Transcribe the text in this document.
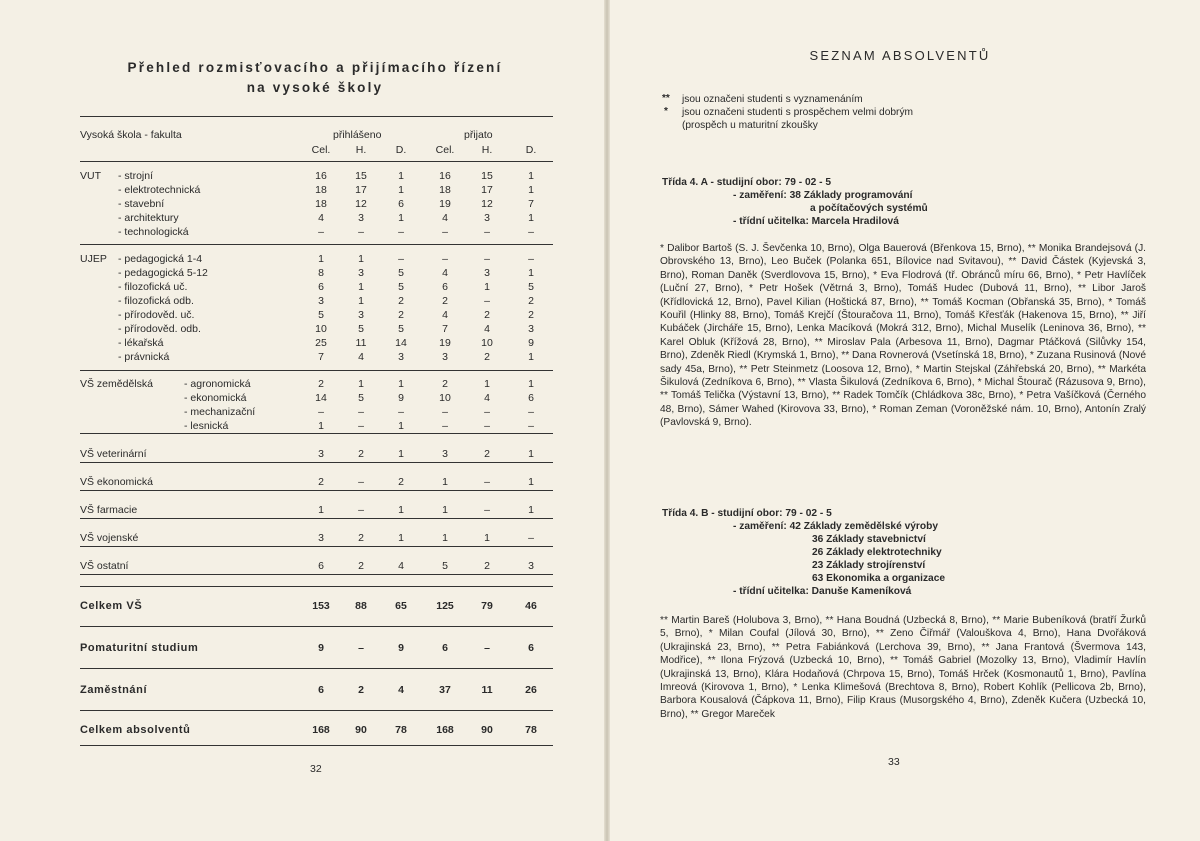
Přehled rozmisťovacího a přijímacího řízení
na vysoké školy
Vysoká škola - fakulta	přihlášeno	přijato
Cel.	H.	D.	Cel.	H.	D.
VUT - strojní	16	15	1	16	15	1
- elektrotechnická	18	17	1	18	17	1
- stavební	18	12	6	19	12	7
- architektury	4	3	1	4	3	1
- technologická	–	–	–	–	–	–
UJEP - pedagogická 1-4	1	1	–	–	–	–
- pedagogická 5-12	8	3	5	4	3	1
- filozofická uč.	6	1	5	6	1	5
- filozofická odb.	3	1	2	2	–	2
- přírodověd. uč.	5	3	2	4	2	2
- přírodověd. odb.	10	5	5	7	4	3
- lékařská	25	11	14	19	10	9
- právnická	7	4	3	3	2	1
VŠ zemědělská	- agronomická	2	1	1	2	1	1
- ekonomická	14	5	9	10	4	6
- mechanizační	–	–	–	–	–	–
- lesnická	1	–	1	–	–	–
VŠ veterinární	3	2	1	3	2	1
VŠ ekonomická	2	–	2	1	–	1
VŠ farmacie	1	–	1	1	–	1
VŠ vojenské	3	2	1	1	1	–
VŠ ostatní	6	2	4	5	2	3
Celkem VŠ	153	88	65	125	79	46
Pomaturitní studium	9	–	9	6	–	6
Zaměstnání	6	2	4	37	11	26
Celkem absolventů	168	90	78	168	90	78
32
SEZNAM ABSOLVENTŮ
** jsou označeni studenti s vyznamenáním
* jsou označeni studenti s prospěchem velmi dobrým
(prospěch u maturitní zkoušky
Třída 4. A - studijní obor: 79 - 02 - 5
- zaměření: 38 Základy programování
a počítačových systémů
- třídní učitelka: Marcela Hradilová
* Dalibor Bartoš (S. J. Ševčenka 10, Brno), Olga Bauerová (Břenkova 15, Brno), ** Monika Brandejsová (J. Obrovského 13, Brno), Leo Buček (Polanka 651, Bílovice nad Svitavou), ** David Částek (Kyjevská 3, Brno), Roman Daněk (Sverdlovova 15, Brno), * Eva Flodrová (tř. Obránců míru 66, Brno), * Petr Havlíček (Luční 27, Brno), * Petr Hošek (Větrná 3, Brno), Tomáš Hudec (Dubová 11, Brno), ** Libor Jaroš (Křídlovická 12, Brno), Pavel Kilian (Hoštická 87, Brno), ** Tomáš Kocman (Obřanská 35, Brno), * Tomáš Kouřil (Hlinky 88, Brno), Tomáš Krejčí (Štouračova 11, Brno), Tomáš Křesťák (Hakenova 15, Brno), ** Jiří Kubáček (Jircháře 15, Brno), Lenka Macíková (Mokrá 312, Brno), Michal Muselík (Leninova 36, Brno), ** Karel Obluk (Křížová 28, Brno), ** Miroslav Pala (Arbesova 11, Brno), Dagmar Ptáčková (Silůvky 154, Brno), Zdeněk Riedl (Krymská 1, Brno), ** Dana Rovnerová (Vsetínská 18, Brno), * Zuzana Rusinová (Nové sady 45a, Brno), ** Petr Steinmetz (Loosova 12, Brno), * Martin Stejskal (Záhřebská 20, Brno), ** Markéta Šikulová (Zedníkova 6, Brno), ** Vlasta Šikulová (Zedníkova 6, Brno), * Michal Štourač (Rázusova 9, Brno), ** Tomáš Telička (Výstavní 13, Brno), ** Radek Tomčík (Chládkova 38c, Brno), * Petra Vašíčková (Černého 48, Brno), Sámer Wahed (Kirovova 33, Brno), * Roman Zeman (Voroněžské nám. 10, Brno), Antonín Zralý (Pavlovská 9, Brno).
Třída 4. B - studijní obor: 79 - 02 - 5
- zaměření: 42 Základy zemědělské výroby
36 Základy stavebnictví
26 Základy elektrotechniky
23 Základy strojírenství
63 Ekonomika a organizace
- třídní učitelka: Danuše Kameníková
** Martin Bareš (Holubova 3, Brno), ** Hana Boudná (Uzbecká 8, Brno), ** Marie Bubeníková (bratří Žurků 5, Brno), * Milan Coufal (Jílová 30, Brno), ** Zeno Čiřmář (Valouškova 4, Brno), Hana Dvořáková (Ukrajinská 23, Brno), ** Petra Fabiánková (Lerchova 39, Brno), ** Jana Frantová (Švermova 143, Modřice), ** Ilona Frýzová (Uzbecká 10, Brno), ** Tomáš Gabriel (Mozolky 13, Brno), Vladimír Havlín (Ukrajinská 13, Brno), Klára Hodaňová (Chrpova 15, Brno), Tomáš Hrček (Kosmonautů 1, Brno), Pavlína Imreová (Kirovova 1, Brno), * Lenka Klimešová (Brechtova 8, Brno), Robert Kohlík (Pellicova 2b, Brno), Barbora Kousalová (Čápkova 11, Brno), Filip Kraus (Musorgského 4, Brno), Zdeněk Kučera (Uzbecká 10, Brno), ** Gregor Mareček
33
